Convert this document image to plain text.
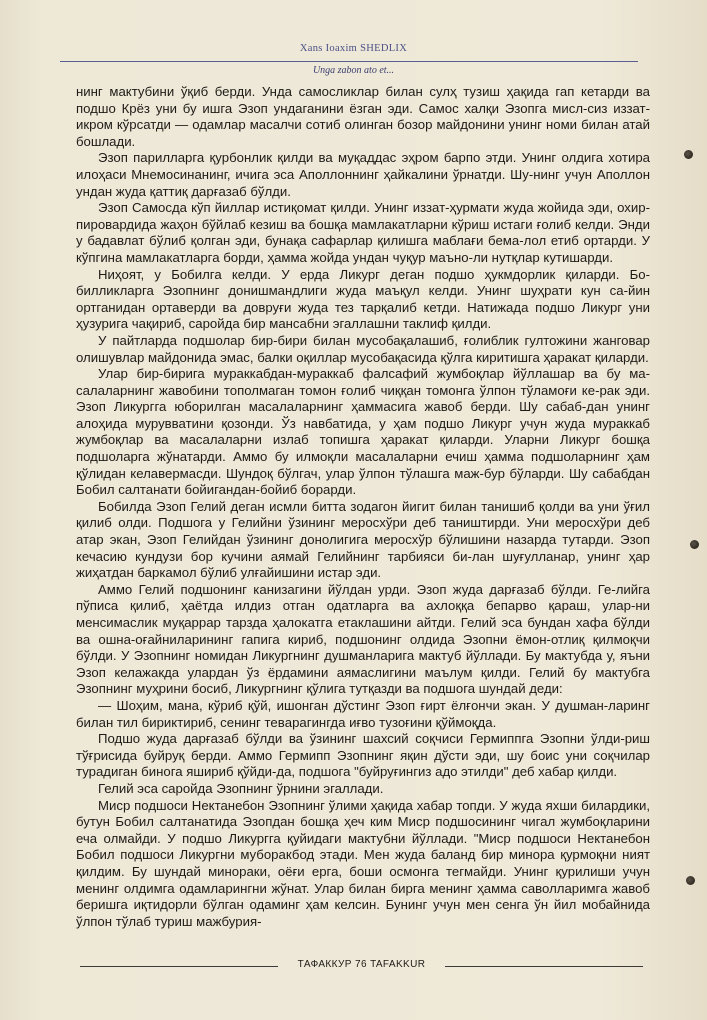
Xans Ioaxim SHEDLIX
Unga zabon ato et...

нинг мактубини ўқиб берди. Унда самосликлар билан сулҳ тузиш ҳақида гап кетарди ва подшо Крёз уни бу ишга Эзоп ундаганини ёзган эди. Самос халқи Эзопга мисл-сиз иззат-икром кўрсатди — одамлар масалчи сотиб олинган бозор майдонини унинг номи билан атай бошлади.

Эзоп парилларга қурбонлик қилди ва муқаддас эҳром барпо этди. Унинг олдига хотира илоҳаси Мнемосинанинг, ичига эса Аполлоннинг ҳайкалини ўрнатди. Шу-нинг учун Аполлон ундан жуда қаттиқ дарғазаб бўлди.

Эзоп Самосда кўп йиллар истиқомат қилди. Унинг иззат-ҳурмати жуда жойида эди, охир-пировардида жаҳон бўйлаб кезиш ва бошқа мамлакатларни кўриш истаги ғолиб келди. Энди у бадавлат бўлиб қолган эди, бунақа сафарлар қилишга маблағи бема-лол етиб ортарди. У кўпгина мамлакатларга борди, ҳамма жойда ундан чуқур маъно-ли нутқлар кутишарди.

Ниҳоят, у Бобилга келди. У ерда Ликург деган подшо ҳукмдорлик қиларди. Бо-билликларга Эзопнинг донишмандлиги жуда маъқул келди. Унинг шуҳрати кун са-йин ортганидан ортаверди ва довруғи жуда тез тарқалиб кетди. Натижада подшо Ликург уни ҳузурига чақириб, саройда бир мансабни эгаллашни таклиф қилди.

У пайтларда подшолар бир-бири билан мусобақалашиб, ғолиблик гултожини жанговар олишувлар майдонида эмас, балки оқиллар мусобақасида қўлга киритишга ҳаракат қиларди.

Улар бир-бирига мураккабдан-мураккаб фалсафий жумбоқлар йўллашар ва бу ма-салаларнинг жавобини тополмаган томон ғолиб чиққан томонга ўлпон тўламоғи ке-рак эди. Эзоп Ликургга юборилган масалаларнинг ҳаммасига жавоб берди. Шу сабаб-дан унинг алоҳида мурувватини қозонди. Ўз навбатида, у ҳам подшо Ликург учун жуда мураккаб жумбоқлар ва масалаларни излаб топишга ҳаракат қиларди. Уларни Ликург бошқа подшоларга жўнатарди. Аммо бу илмоқли масалаларни ечиш ҳамма подшоларнинг ҳам қўлидан келавермасди. Шундоқ бўлгач, улар ўлпон тўлашга маж-бур бўларди. Шу сабабдан Бобил салтанати бойигандан-бойиб борарди.

Бобилда Эзоп Гелий деган исмли битта зодагон йигит билан танишиб қолди ва уни ўғил қилиб олди. Подшога у Гелийни ўзининг меросхўри деб таништирди. Уни меросхўри деб атар экан, Эзоп Гелийдан ўзининг донолигига меросхўр бўлишини назарда тутарди. Эзоп кечасию кундузи бор кучини аямай Гелийнинг тарбияси би-лан шуғулланар, унинг ҳар жиҳатдан баркамол бўлиб улғайишини истар эди.

Аммо Гелий подшонинг канизагини йўлдан урди. Эзоп жуда дарғазаб бўлди. Ге-лийга пўписа қилиб, ҳаётда илдиз отган одатларга ва ахлоққа бепарво қараш, улар-ни менсимаслик муқаррар тарзда ҳалокатга етаклашини айтди. Гелий эса бундан хафа бўлди ва ошна-оғайниларининг гапига кириб, подшонинг олдида Эзопни ёмон-отлиқ қилмоқчи бўлди. У Эзопнинг номидан Ликургнинг душманларига мактуб йўллади. Бу мактубда у, яъни Эзоп келажакда улардан ўз ёрдамини аямаслигини маълум қилди. Гелий бу мактубга Эзопнинг муҳрини босиб, Ликургнинг қўлига тутқазди ва подшога шундай деди:

— Шоҳим, мана, кўриб қўй, ишонган дўстинг Эзоп ғирт ёлғончи экан. У душман-ларинг билан тил бириктириб, сенинг тевaрагингда иғво тузоғини қўймоқда.

Подшо жуда дарғазаб бўлди ва ўзининг шахсий соқчиси Гермиппга Эзопни ўлди-риш тўғрисида буйруқ берди. Аммо Гермипп Эзопнинг яқин дўсти эди, шу боис уни соқчилар турадиган бинога яшириб қўйди-да, подшога "буйруғингиз адо этилди" деб хабар қилди.

Гелий эса саройда Эзопнинг ўрнини эгаллади.

Миср подшоси Нектанебон Эзопнинг ўлими ҳақида хабар топди. У жуда яхши билардики, бутун Бобил салтанатида Эзопдан бошқа ҳеч ким Миср подшосининг чигал жумбоқларини еча олмайди. У подшо Ликургга қуйидаги мактубни йўллади. "Миср подшоси Нектанебон Бобил подшоси Ликургни муборакбод этади. Мен жуда баланд бир минора қурмоқни ният қилдим. Бу шундай минораки, оёғи ерга, боши осмонга тегмайди. Унинг қурилиши учун менинг олдимга одамларингни жўнат. Улар билан бирга менинг ҳамма саволларимга жавоб беришга иқтидорли бўлган одаминг ҳам келсин. Бунинг учун мен сенга ўн йил мобайнида ўлпон тўлаб туриш мажбурия-

ТАФАККУР 76 TAFAKKUR
